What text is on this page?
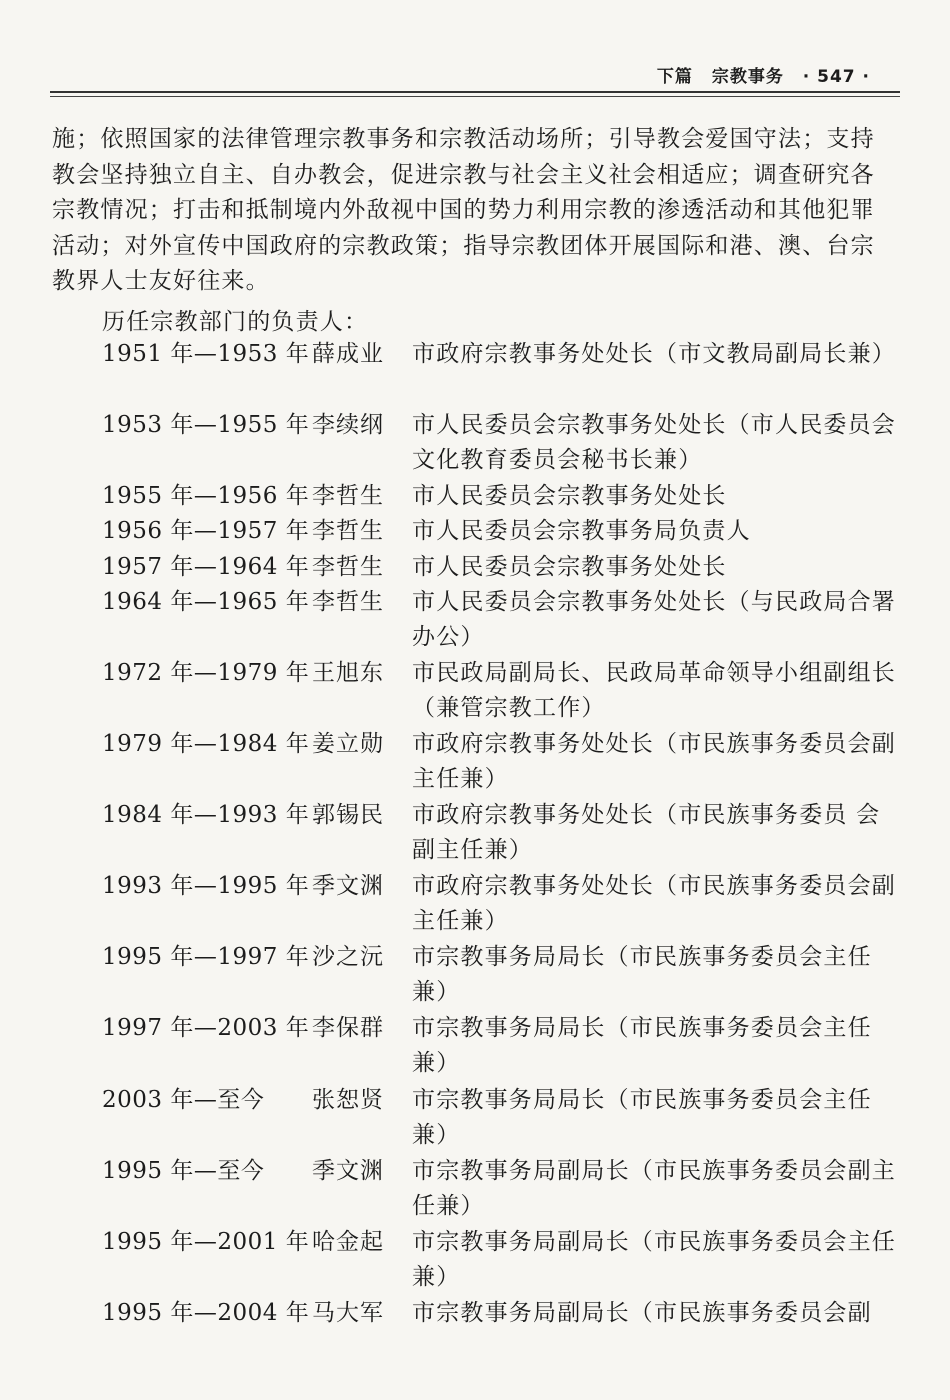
下篇 宗教事务 · 547 ·

施；依照国家的法律管理宗教事务和宗教活动场所；引导教会爱国守法；支持教会坚持独立自主、自办教会，促进宗教与社会主义社会相适应；调查研究各宗教情况；打击和抵制境内外敌视中国的势力利用宗教的渗透活动和其他犯罪活动；对外宣传中国政府的宗教政策；指导宗教团体开展国际和港、澳、台宗教界人士友好往来。

历任宗教部门的负责人：
1951 年—1953 年 薛成业 市政府宗教事务处处长（市文教局副局长兼）
1953 年—1955 年 李续纲 市人民委员会宗教事务处处长（市人民委员会文化教育委员会秘书长兼）
1955 年—1956 年 李哲生 市人民委员会宗教事务处处长
1956 年—1957 年 李哲生 市人民委员会宗教事务局负责人
1957 年—1964 年 李哲生 市人民委员会宗教事务处处长
1964 年—1965 年 李哲生 市人民委员会宗教事务处处长（与民政局合署办公）
1972 年—1979 年 王旭东 市民政局副局长、民政局革命领导小组副组长（兼管宗教工作）
1979 年—1984 年 姜立勋 市政府宗教事务处处长（市民族事务委员会副主任兼）
1984 年—1993 年 郭锡民 市政府宗教事务处处长（市民族事务委员 会副主任兼）
1993 年—1995 年 季文渊 市政府宗教事务处处长（市民族事务委员会副主任兼）
1995 年—1997 年 沙之沅 市宗教事务局局长（市民族事务委员会主任兼）
1997 年—2003 年 李保群 市宗教事务局局长（市民族事务委员会主任兼）
2003 年—至今 张恕贤 市宗教事务局局长（市民族事务委员会主任兼）
1995 年—至今 季文渊 市宗教事务局副局长（市民族事务委员会副主任兼）
1995 年—2001 年 哈金起 市宗教事务局副局长（市民族事务委员会主任兼）
1995 年—2004 年 马大军 市宗教事务局副局长（市民族事务委员会副
